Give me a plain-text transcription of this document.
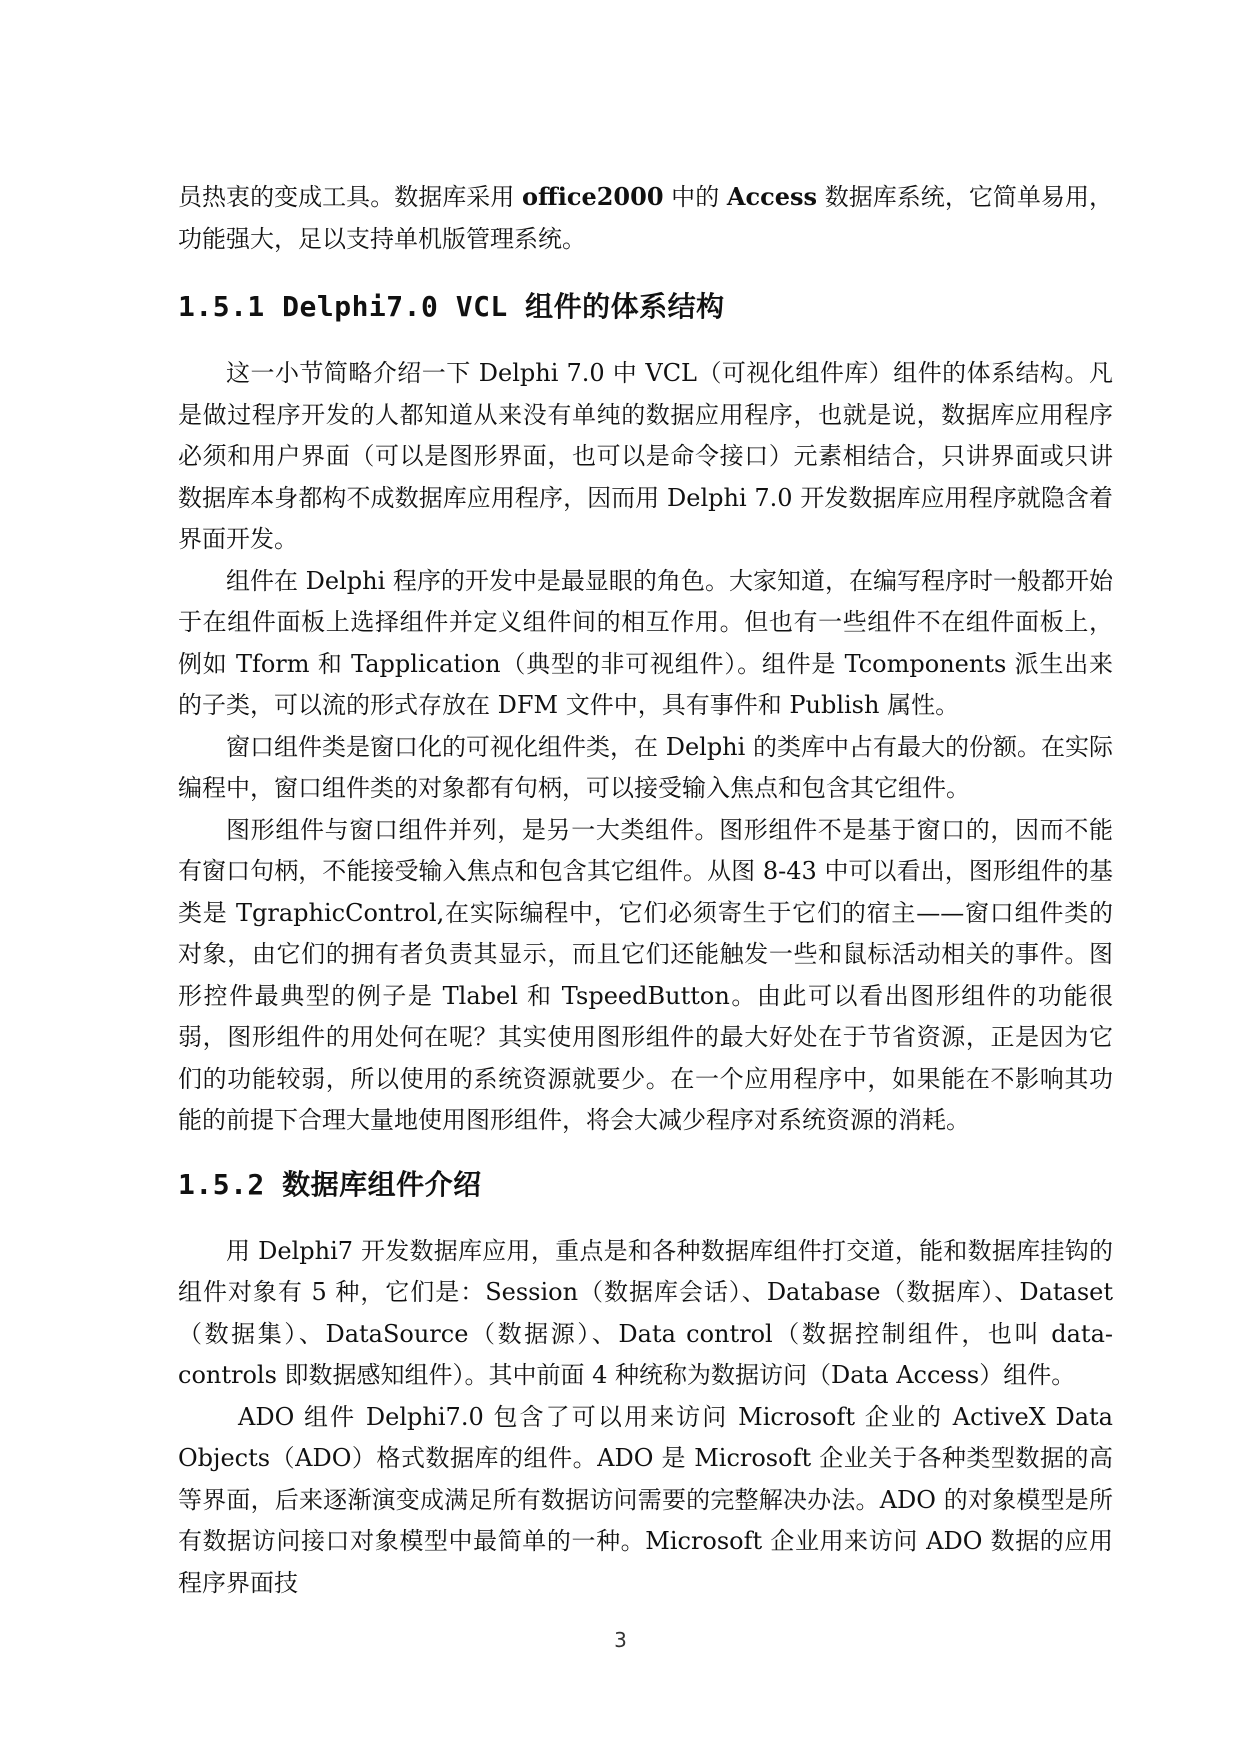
员热衷的变成工具。数据库采用 office2000 中的 Access 数据库系统，它简单易用，功能强大，足以支持单机版管理系统。

1.5.1 Delphi7.0 VCL 组件的体系结构

这一小节简略介绍一下 Delphi 7.0 中 VCL（可视化组件库）组件的体系结构。凡是做过程序开发的人都知道从来没有单纯的数据应用程序，也就是说，数据库应用程序必须和用户界面（可以是图形界面，也可以是命令接口）元素相结合，只讲界面或只讲数据库本身都构不成数据库应用程序，因而用 Delphi 7.0 开发数据库应用程序就隐含着界面开发。

组件在 Delphi 程序的开发中是最显眼的角色。大家知道，在编写程序时一般都开始于在组件面板上选择组件并定义组件间的相互作用。但也有一些组件不在组件面板上，例如 Tform 和 Tapplication（典型的非可视组件）。组件是 Tcomponents 派生出来的子类，可以流的形式存放在 DFM 文件中，具有事件和 Publish 属性。

窗口组件类是窗口化的可视化组件类，在 Delphi 的类库中占有最大的份额。在实际编程中，窗口组件类的对象都有句柄，可以接受输入焦点和包含其它组件。

图形组件与窗口组件并列，是另一大类组件。图形组件不是基于窗口的，因而不能有窗口句柄，不能接受输入焦点和包含其它组件。从图 8-43 中可以看出，图形组件的基类是 TgraphicControl,在实际编程中，它们必须寄生于它们的宿主——窗口组件类的对象，由它们的拥有者负责其显示，而且它们还能触发一些和鼠标活动相关的事件。图形控件最典型的例子是 Tlabel 和 TspeedButton。由此可以看出图形组件的功能很弱，图形组件的用处何在呢？其实使用图形组件的最大好处在于节省资源，正是因为它们的功能较弱，所以使用的系统资源就要少。在一个应用程序中，如果能在不影响其功能的前提下合理大量地使用图形组件，将会大减少程序对系统资源的消耗。

1.5.2 数据库组件介绍

用 Delphi7 开发数据库应用，重点是和各种数据库组件打交道，能和数据库挂钩的组件对象有 5 种，它们是：Session（数据库会话）、Database（数据库）、Dataset（数据集）、DataSource（数据源）、Data control（数据控制组件，也叫 data-controls 即数据感知组件）。其中前面 4 种统称为数据访问（Data Access）组件。

ADO 组件 Delphi7.0 包含了可以用来访问 Microsoft 企业的 ActiveX Data Objects（ADO）格式数据库的组件。ADO 是 Microsoft 企业关于各种类型数据的高等界面，后来逐渐演变成满足所有数据访问需要的完整解决办法。ADO 的对象模型是所有数据访问接口对象模型中最简单的一种。Microsoft 企业用来访问 ADO 数据的应用程序界面技

3
